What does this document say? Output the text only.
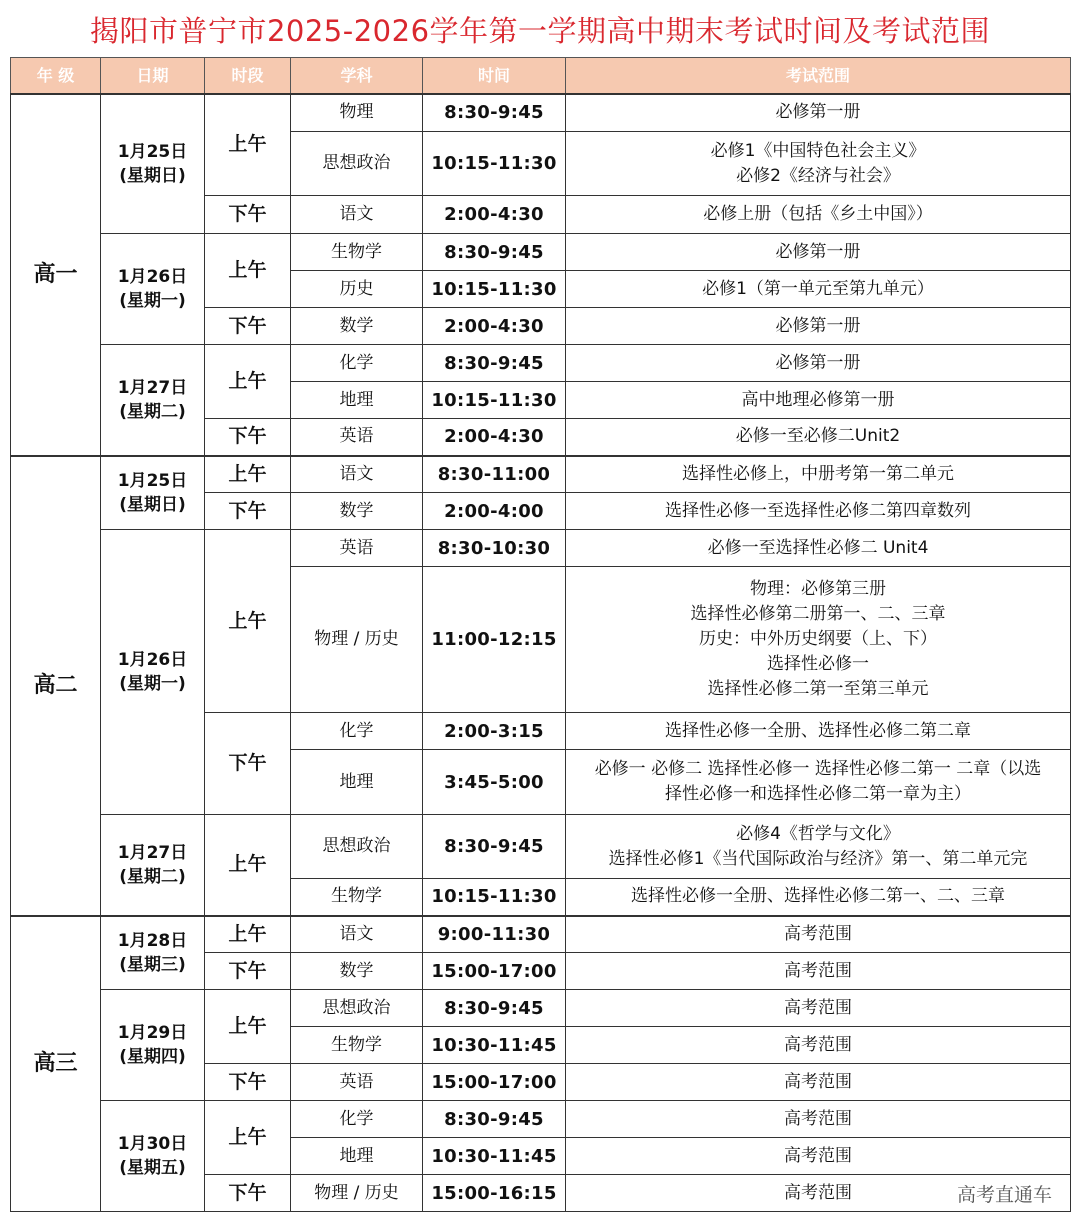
揭阳市普宁市2025-2026学年第一学期高中期末考试时间及考试范围
年 级	日期	时段	学科	时间	考试范围
高一	1月25日
(星期日)	上午	物理	8:30-9:45	必修第一册

			思想政治	10:15-11:30	必修1《中国特色社会主义》
必修2《经济与社会》

		下午	语文	2:00-4:30	必修上册（包括《乡土中国》）

	1月26日
(星期一)	上午	生物学	8:30-9:45	必修第一册

			历史	10:15-11:30	必修1（第一单元至第九单元）

		下午	数学	2:00-4:30	必修第一册

	1月27日
(星期二)	上午	化学	8:30-9:45	必修第一册

			地理	10:15-11:30	高中地理必修第一册

		下午	英语	2:00-4:30	必修一至必修二Unit2

高二	1月25日
(星期日)	上午	语文	8:30-11:00	选择性必修上，中册考第一第二单元

		下午	数学	2:00-4:00	选择性必修一至选择性必修二第四章数列

	1月26日
(星期一)	上午	英语	8:30-10:30	必修一至选择性必修二 Unit4

			物理 / 历史	11:00-12:15	物理：必修第三册
选择性必修第二册第一、二、三章
历史：中外历史纲要（上、下）
选择性必修一
选择性必修二第一至第三单元

		下午	化学	2:00-3:15	选择性必修一全册、选择性必修二第二章

			地理	3:45-5:00	必修一 必修二 选择性必修一 选择性必修二第一 二章（以选
择性必修一和选择性必修二第一章为主）

	1月27日
(星期二)	上午	思想政治	8:30-9:45	必修4《哲学与文化》
选择性必修1《当代国际政治与经济》第一、第二单元完

			生物学	10:15-11:30	选择性必修一全册、选择性必修二第一、二、三章

高三	1月28日
(星期三)	上午	语文	9:00-11:30	高考范围

		下午	数学	15:00-17:00	高考范围

	1月29日
(星期四)	上午	思想政治	8:30-9:45	高考范围

			生物学	10:30-11:45	高考范围

		下午	英语	15:00-17:00	高考范围

	1月30日
(星期五)	上午	化学	8:30-9:45	高考范围

			地理	10:30-11:45	高考范围

		下午	物理 / 历史	15:00-16:15	高考范围	高考直通车
